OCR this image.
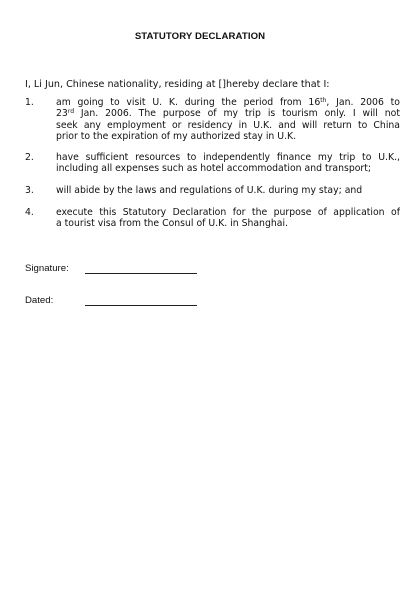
STATUTORY DECLARATION
I, Li Jun, Chinese nationality, residing at []hereby declare that I:
1. am going to visit U. K. during the period from 16th, Jan. 2006 to
23rd Jan. 2006. The purpose of my trip is tourism only. I will not
seek any employment or residency in U.K. and will return to China
prior to the expiration of my authorized stay in U.K.
2. have sufficient resources to independently finance my trip to U.K.,
including all expenses such as hotel accommodation and transport;
3. will abide by the laws and regulations of U.K. during my stay; and
4. execute this Statutory Declaration for the purpose of application of
a tourist visa from the Consul of U.K. in Shanghai.
Signature:
Dated:
